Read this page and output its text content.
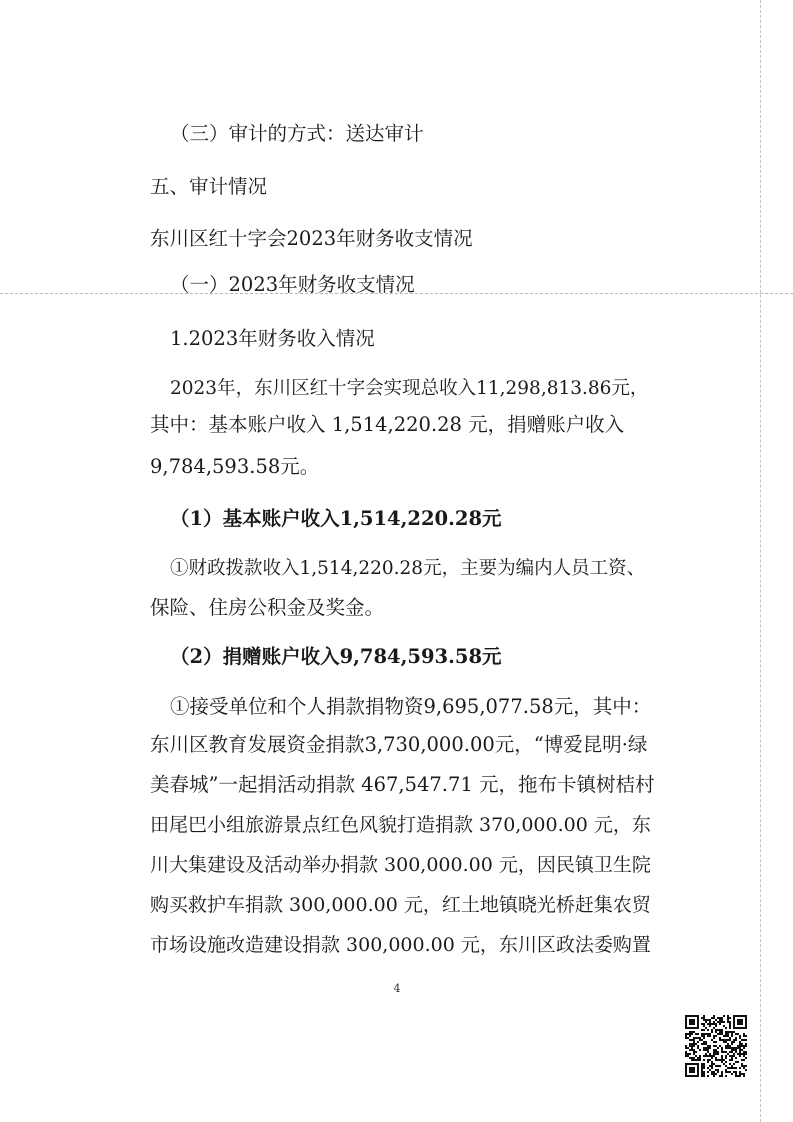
（三）审计的方式：送达审计
五、审计情况
东川区红十字会2023年财务收支情况
（一）2023年财务收支情况
1.2023年财务收入情况
2023年，东川区红十字会实现总收入11,298,813.86元，
其中：基本账户收入 1,514,220.28 元，捐赠账户收入
9,784,593.58元。
（1）基本账户收入1,514,220.28元
①财政拨款收入1,514,220.28元，主要为编内人员工资、
保险、住房公积金及奖金。
（2）捐赠账户收入9,784,593.58元
①接受单位和个人捐款捐物资9,695,077.58元，其中：
东川区教育发展资金捐款3,730,000.00元，“博爱昆明·绿
美春城”一起捐活动捐款 467,547.71 元，拖布卡镇树桔村
田尾巴小组旅游景点红色风貌打造捐款 370,000.00 元，东
川大集建设及活动举办捐款 300,000.00 元，因民镇卫生院
购买救护车捐款 300,000.00 元，红土地镇晓光桥赶集农贸
市场设施改造建设捐款 300,000.00 元，东川区政法委购置
4
